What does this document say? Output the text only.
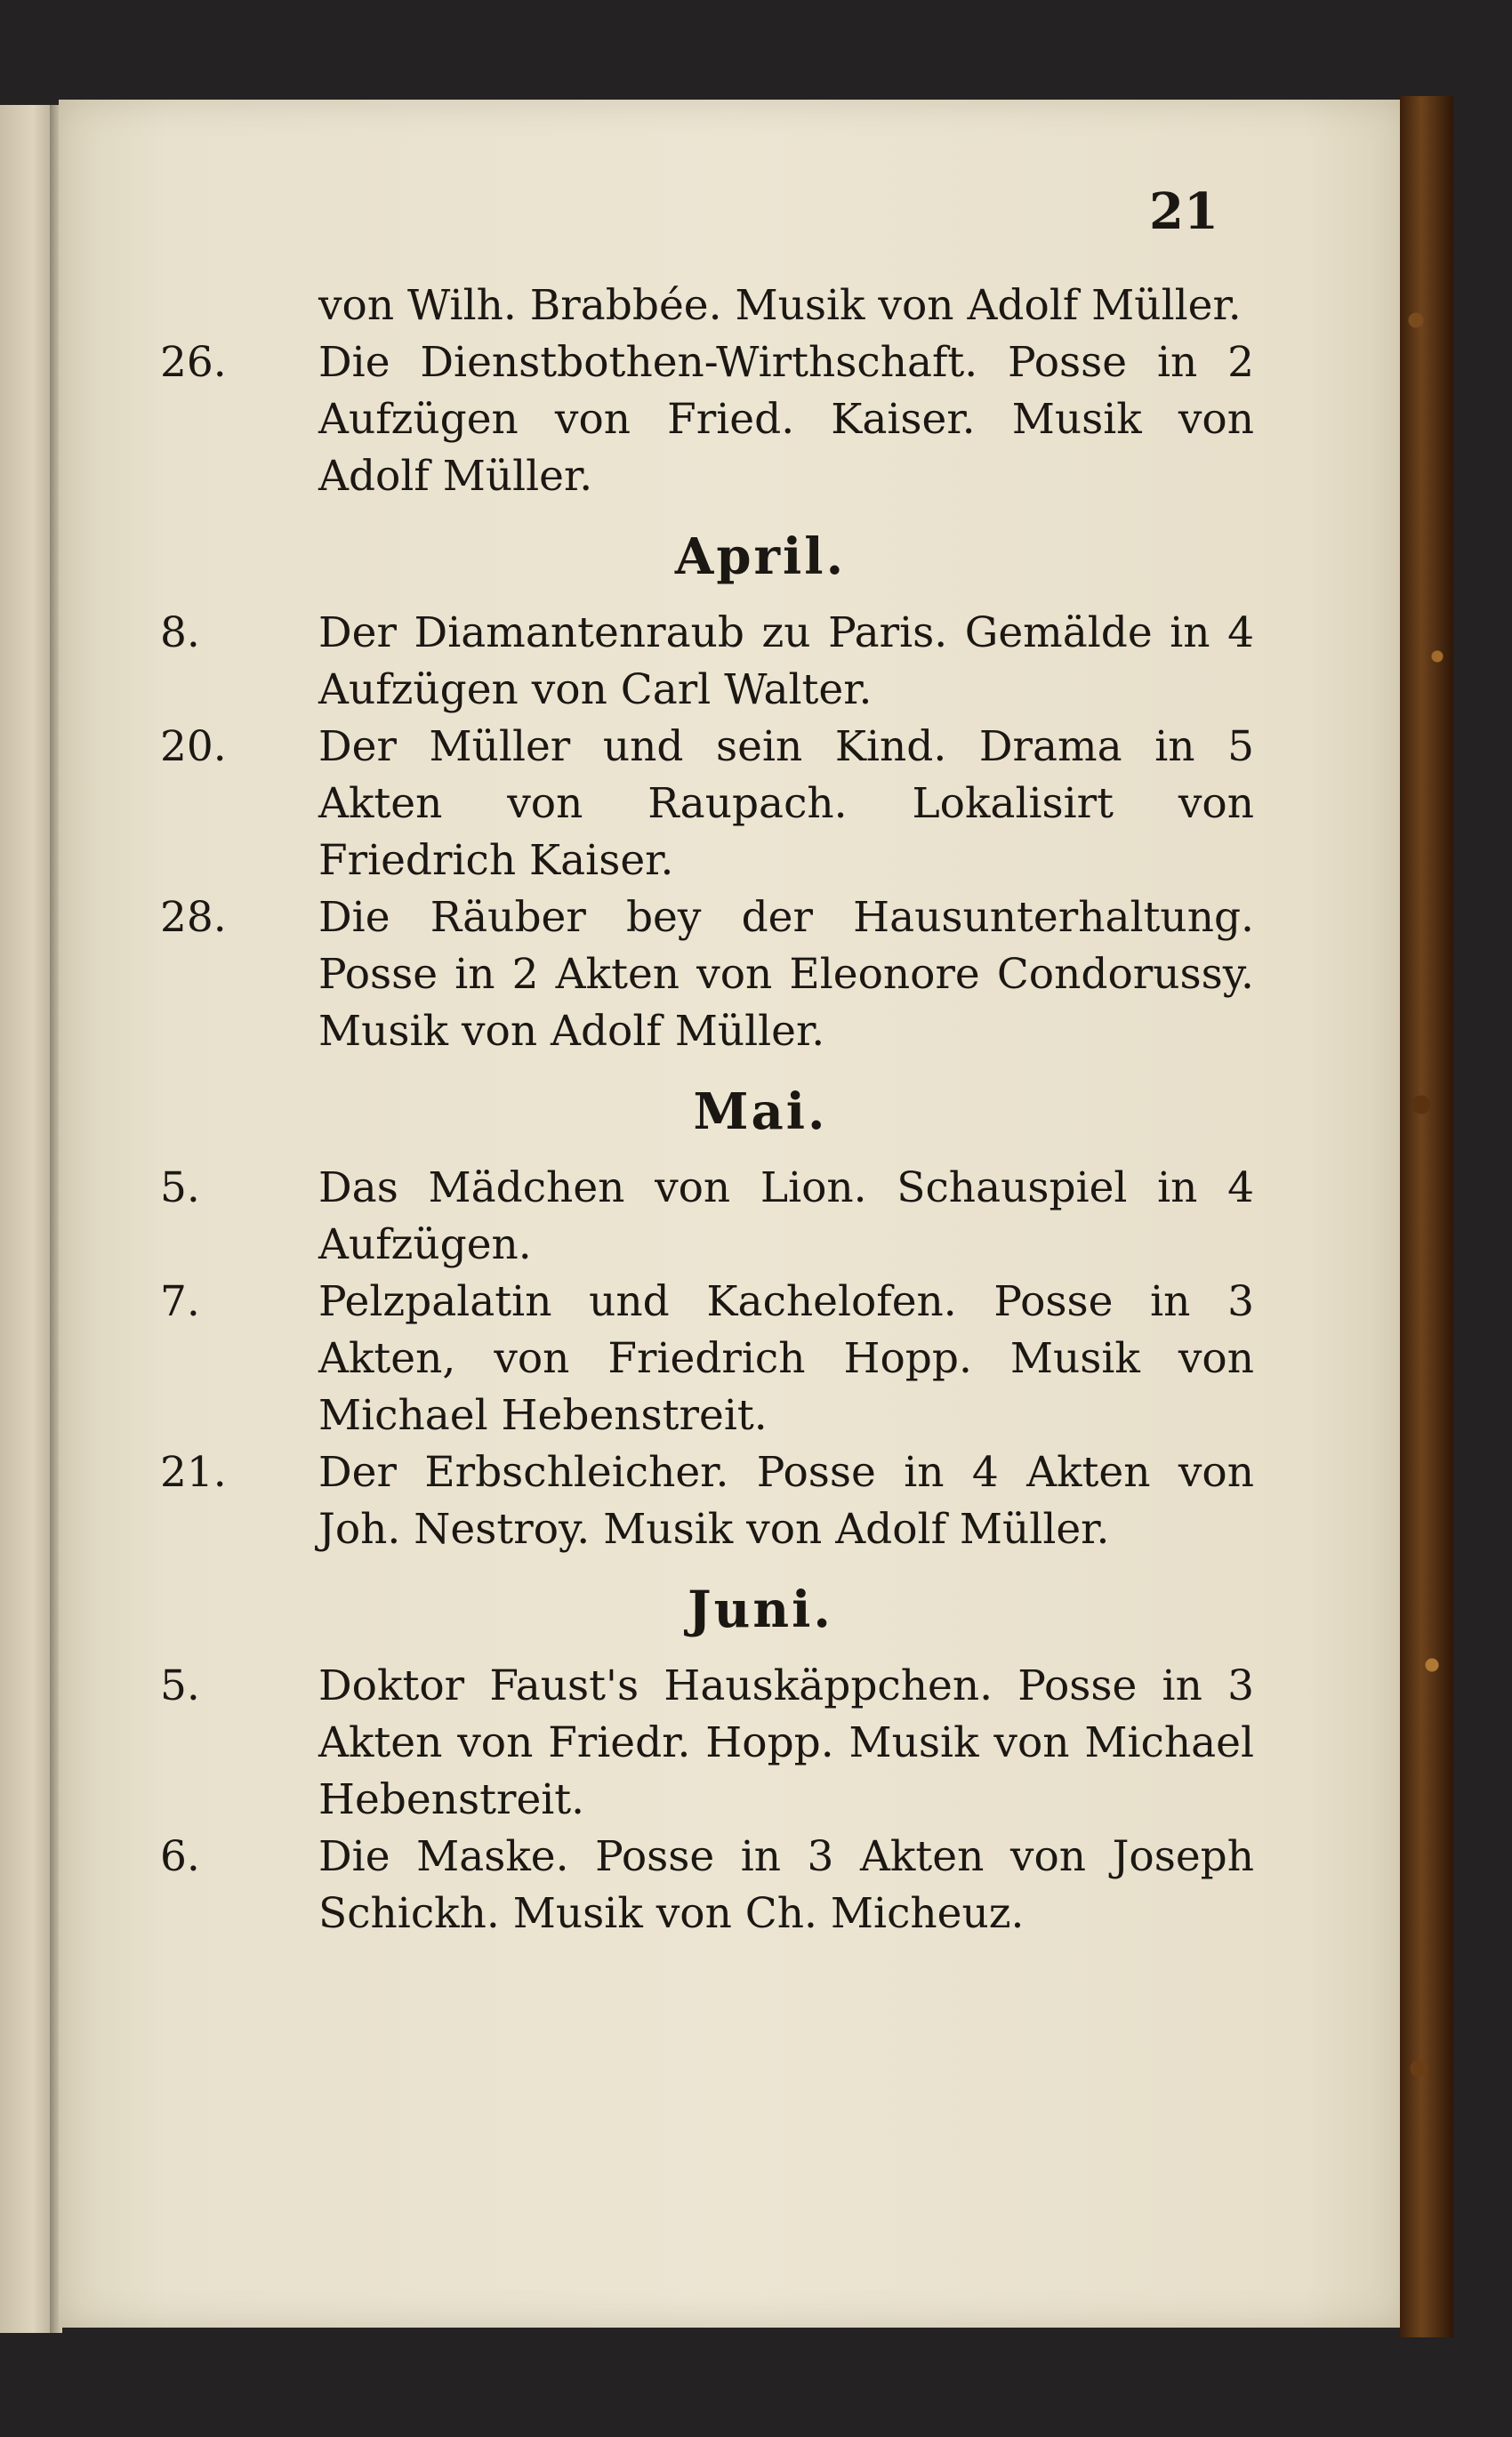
21
von Wilh. Brabbée. Musik von Adolf Müller.
26. Die Dienstbothen-Wirthschaft. Posse in 2 Aufzügen von Fried. Kaiser. Musik von Adolf Müller.
April.
8.	Der Diamantenraub zu Paris. Gemälde in 4 Aufzügen von Carl Walter.
20. Der Müller und sein Kind. Drama in 5 Akten von Raupach. Lokalisirt von Friedrich Kaiser.
28. Die Räuber bey der Hausunterhaltung. Posse in 2 Akten von Eleonore Condorussy. Musik von Adolf Müller.
Mai.
5.	Das Mädchen von Lion. Schauspiel in 4 Aufzügen.
7.	Pelzpalatin und Kachelofen. Posse in 3 Akten, von Friedrich Hopp. Musik von Michael Hebenstreit.
21. Der Erbschleicher. Posse in 4 Akten von Joh. Nestroy. Musik von Adolf Müller.
Juni.
5.	Doktor Faust's Hauskäppchen. Posse in 3 Akten von Friedr. Hopp. Musik von Michael Hebenstreit.
6.	Die Maske. Posse in 3 Akten von Joseph Schickh. Musik von Ch. Micheuz.
